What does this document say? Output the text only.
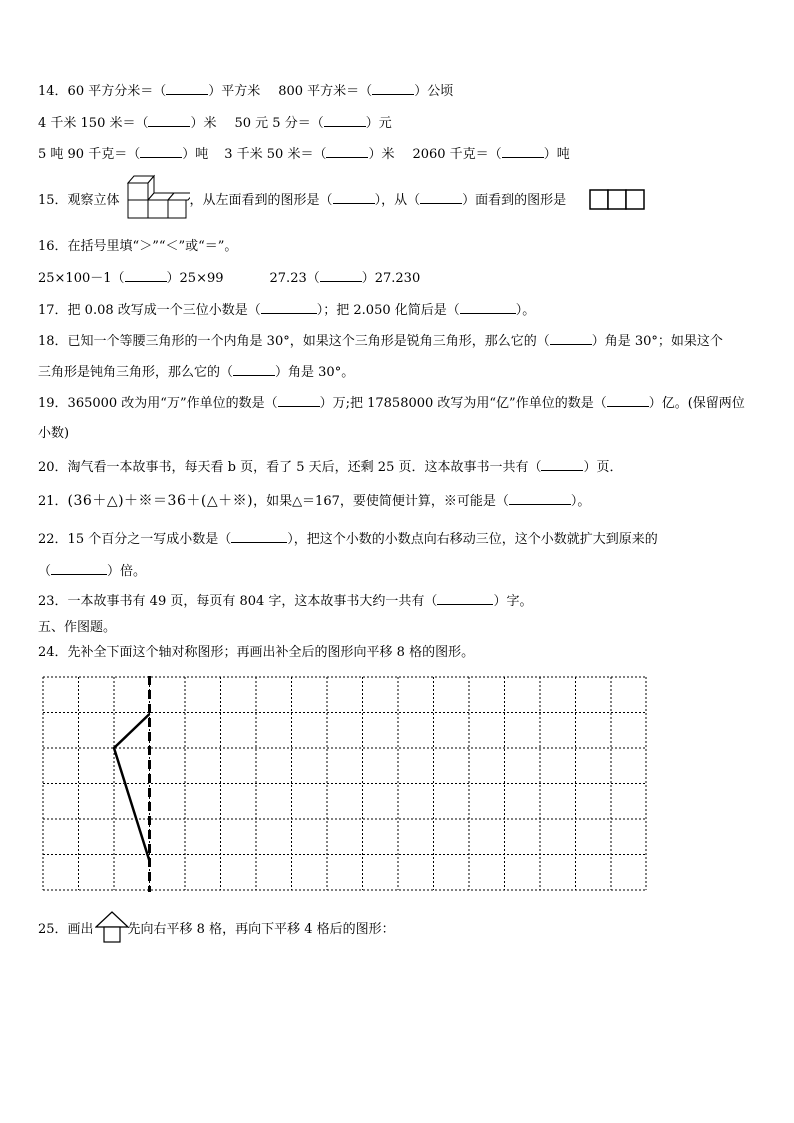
14．60 平方分米＝（	）平方米 800 平方米＝（	）公顷
4 千米 150 米＝（	）米 50 元 5 分＝（	）元
5 吨 90 千克＝（	）吨 3 千米 50 米＝（	）米 2060 千克＝（	）吨
15．观察立体	，从左面看到的图形是（	），从（	）面看到的图形是
16．在括号里填“＞”“＜”或“＝”。
25×100－1（	）25×99	27.23（	）27.230
17．把 0.08 改写成一个三位小数是（	）；把 2.050 化简后是（	）。
18．已知一个等腰三角形的一个内角是 30°，如果这个三角形是锐角三角形，那么它的（	）角是 30°；如果这个
三角形是钝角三角形，那么它的（	）角是 30°。
19．365000 改为用“万”作单位的数是（	）万;把 17858000 改写为用“亿”作单位的数是（	）亿。(保留两位
小数)
20．淘气看一本故事书，每天看 b 页，看了 5 天后，还剩 25 页．这本故事书一共有（	）页．
21．(36＋△)＋※＝36＋(△＋※)，如果△＝167，要使简便计算，※可能是（	）。
22．15 个百分之一写成小数是（	），把这个小数的小数点向右移动三位，这个小数就扩大到原来的
（	）倍。
23．一本故事书有 49 页，每页有 804 字，这本故事书大约一共有（	）字。
五、作图题。
24．先补全下面这个轴对称图形；再画出补全后的图形向平移 8 格的图形。
25．画出	先向右平移 8 格，再向下平移 4 格后的图形：
